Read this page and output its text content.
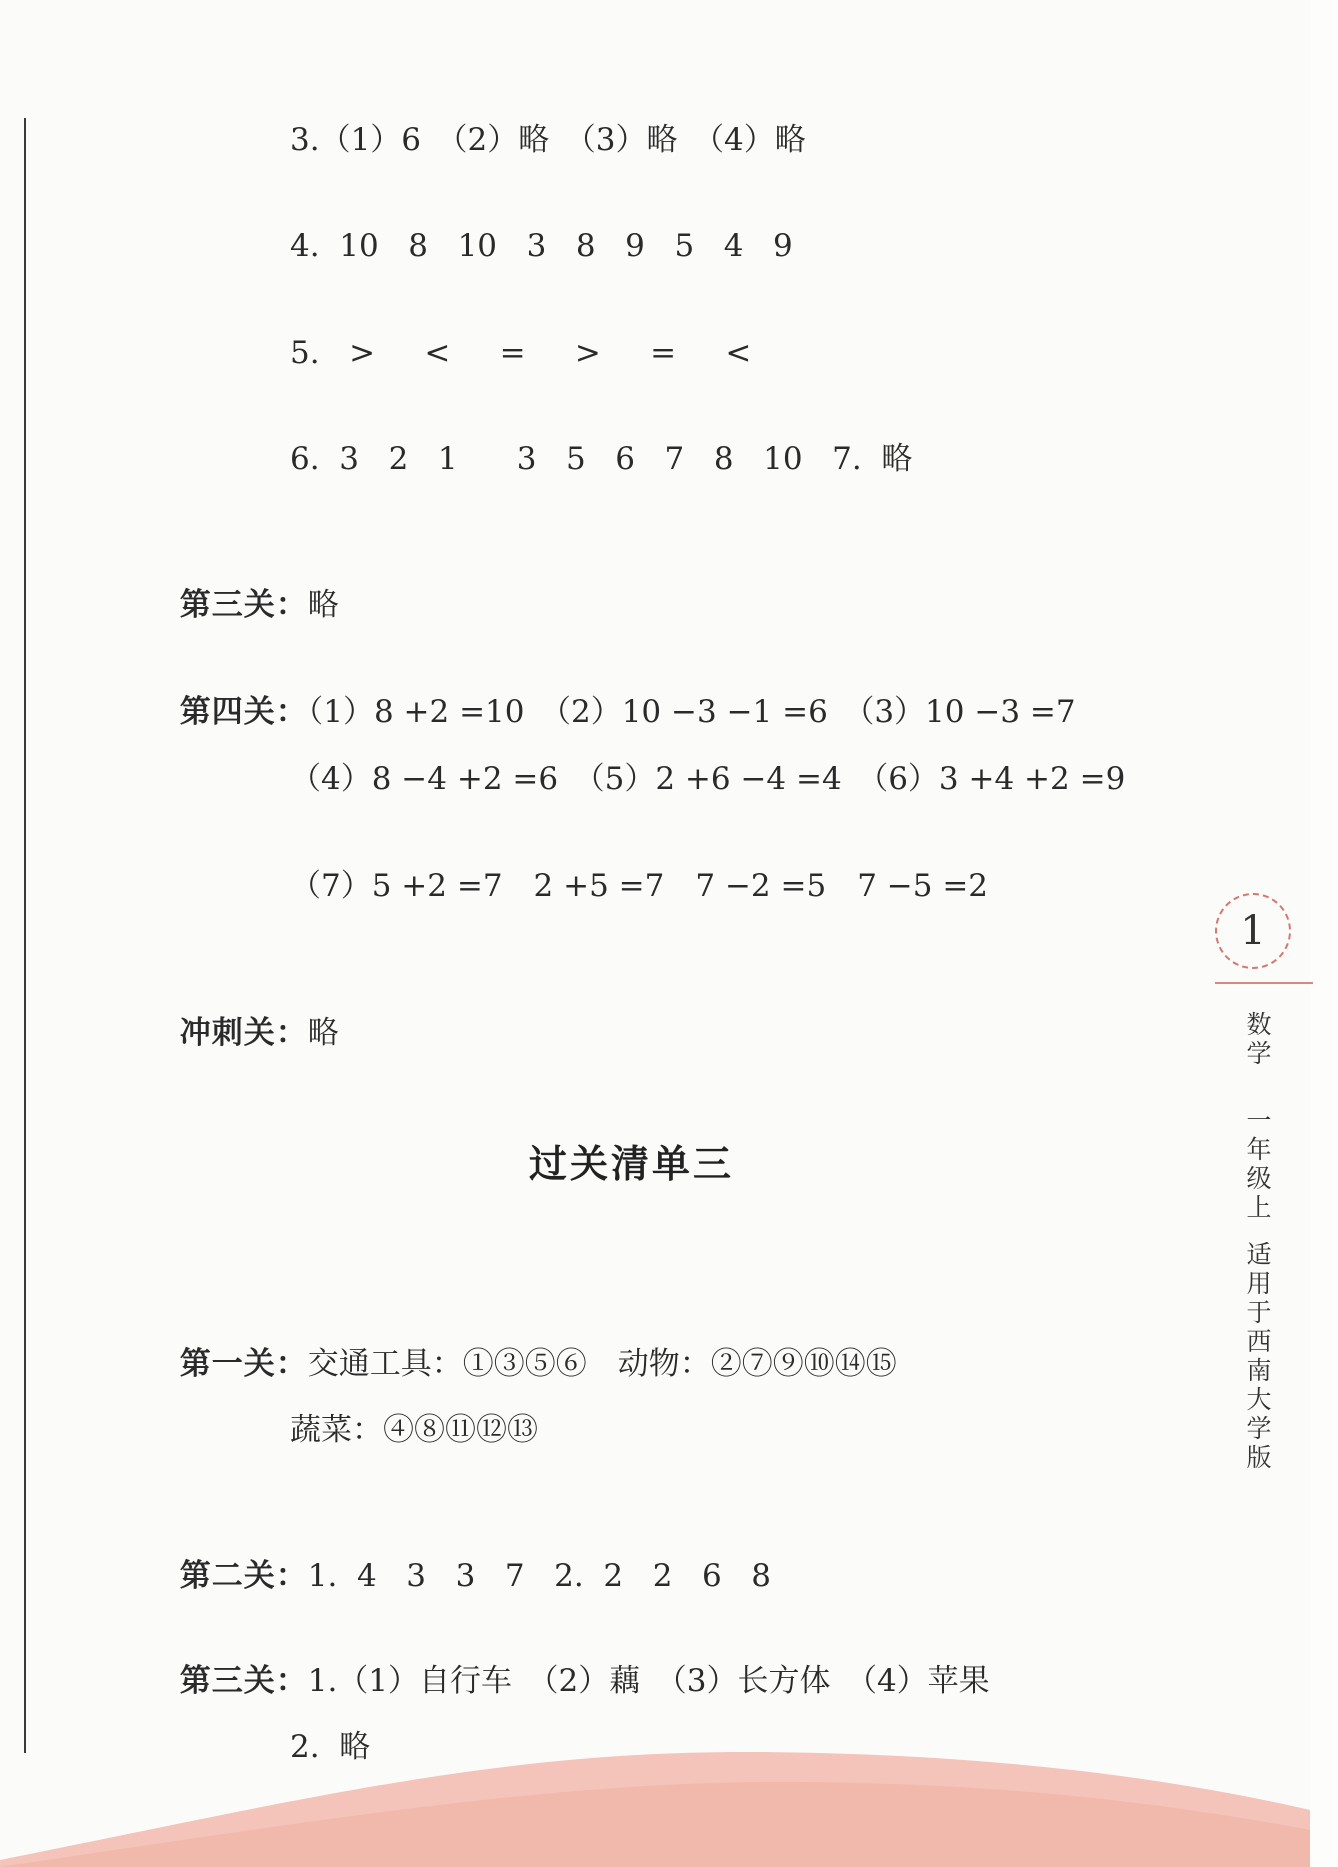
3.（1）6　（2）略　（3）略　（4）略
4.  10   8   10   3   8   9   5   4   9
5.   >     <     =     >     =     <
6.  3   2   1      3   5   6   7   8   10   7.  略

第三关：略

第四关：（1）8 +2 =10　（2）10 −3 −1 =6　（3）10 −3 =7

（4）8 −4 +2 =6　（5）2 +6 −4 =4　（6）3 +4 +2 =9
（7）5 +2 =7　2 +5 =7　7 −2 =5　7 −5 =2

冲刺关：略

过关清单三

第一关：交通工具：①③⑤⑥　动物：②⑦⑨⑩⑭⑮

蔬菜：④⑧⑪⑫⑬

第二关：1.  4   3   3   7   2.  2   2   6   8

第三关：1.（1）自行车　（2）藕　（3）长方体　（4）苹果

2.  略
1
数学
一年级上
适用于西南大学版
